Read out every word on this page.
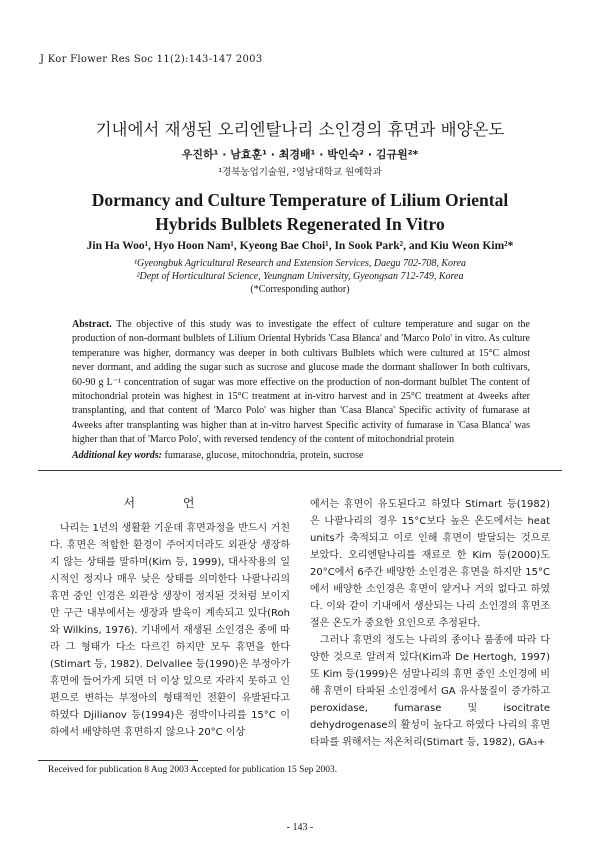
J Kor Flower Res Soc 11(2):143-147 2003
기내에서 재생된 오리엔탈나리 소인경의 휴면과 배양온도
우진하¹ · 남효훈¹ · 최경배¹ · 박인숙² · 김규원²*
¹경북농업기술원, ²영남대학교 원예학과
Dormancy and Culture Temperature of Lilium Oriental
Hybrids Bulblets Regenerated In Vitro
Jin Ha Woo¹, Hyo Hoon Nam¹, Kyeong Bae Choi¹, In Sook Park², and Kiu Weon Kim²*
¹Gyeongbuk Agricultural Research and Extension Services, Daegu 702-708, Korea
²Dept of Horticultural Science, Yeungnam University, Gyeongsan 712-749, Korea
(*Corresponding author)
Abstract. The objective of this study was to investigate the effect of culture temperature and sugar on the production of non-dormant bulblets of Lilium Oriental Hybrids 'Casa Blanca' and 'Marco Polo' in vitro. As culture temperature was higher, dormancy was deeper in both cultivars Bulblets which were cultured at 15°C almost never dormant, and adding the sugar such as sucrose and glucose made the dormant shallower In both cultivars, 60-90 g L⁻¹ concentration of sugar was more effective on the production of non-dormant bulblet The content of mitochondrial protein was highest in 15°C treatment at in-vitro harvest and in 25°C treatment at 4weeks after transplanting, and that content of 'Marco Polo' was higher than 'Casa Blanca' Specific activity of fumarase at 4weeks after transplanting was higher than at in-vitro harvest Specific activity of fumarase in 'Casa Blanca' was higher than that of 'Marco Polo', with reversed tendency of the content of mitochondrial protein
Additional key words: fumarase, glucose, mitochondria, protein, sucrose
서 언

나리는 1년의 생활환 기운데 휴면과정을 반드시 거친다. 휴면은 적합한 환경이 주어지더라도 외관상 생장하지 않는 상태를 말하며(Kim 등, 1999), 대사작용의 일시적인 정지나 매우 낮은 상태를 의미한다 나팔나리의 휴면 중인 인경은 외관상 생장이 정지된 것처럼 보이지만 구근 내부에서는 생장과 발육이 계속되고 있다(Roh와 Wilkins, 1976). 기내에서 재생된 소인경은 종에 따라 그 형태가 다소 다르긴 하지만 모두 휴면을 한다(Stimart 등, 1982). Delvallee 등(1990)은 부정아가 휴면에 들어가게 되면 더 이상 있으로 자라지 못하고 인편으로 변하는 부정아의 형태적인 전환이 유발된다고 하였다 Djilianov 등(1994)은 점박이나리를 15°C 이하에서 배양하면 휴면하지 않으나 20°C 이상

에서는 휴면이 유도된다고 하였다 Stimart 등(1982)은 나팔나리의 경우 15°C보다 높은 온도에서는 heat units가 축적되고 이로 인해 휴면이 발달되는 것으로 보았다. 오리엔탈나리를 재료로 한 Kim 등(2000)도 20°C에서 6주간 배양한 소인경은 휴면을 하지만 15°C에서 배양한 소인경은 휴면이 얕거나 거의 없다고 하였다. 이와 같이 기내에서 생산되는 나리 소인경의 휴면조절은 온도가 중요한 요인으로 추정된다.

그러나 휴면의 정도는 나리의 종이나 품종에 따라 다양한 것으로 알려져 있다(Kim과 De Hertogh, 1997) 또 Kim 등(1999)은 섬말나리의 휴면 중인 소인경에 비해 휴면이 타파된 소인경에서 GA 유사물질이 증가하고 peroxidase, fumarase 및 isocitrate dehydrogenase의 활성이 높다고 하였다 나리의 휴면 타파를 위해서는 저온처리(Stimart 등, 1982), GA₃+

Received for publication 8 Aug 2003 Accepted for publication 15 Sep 2003.
- 143 -
